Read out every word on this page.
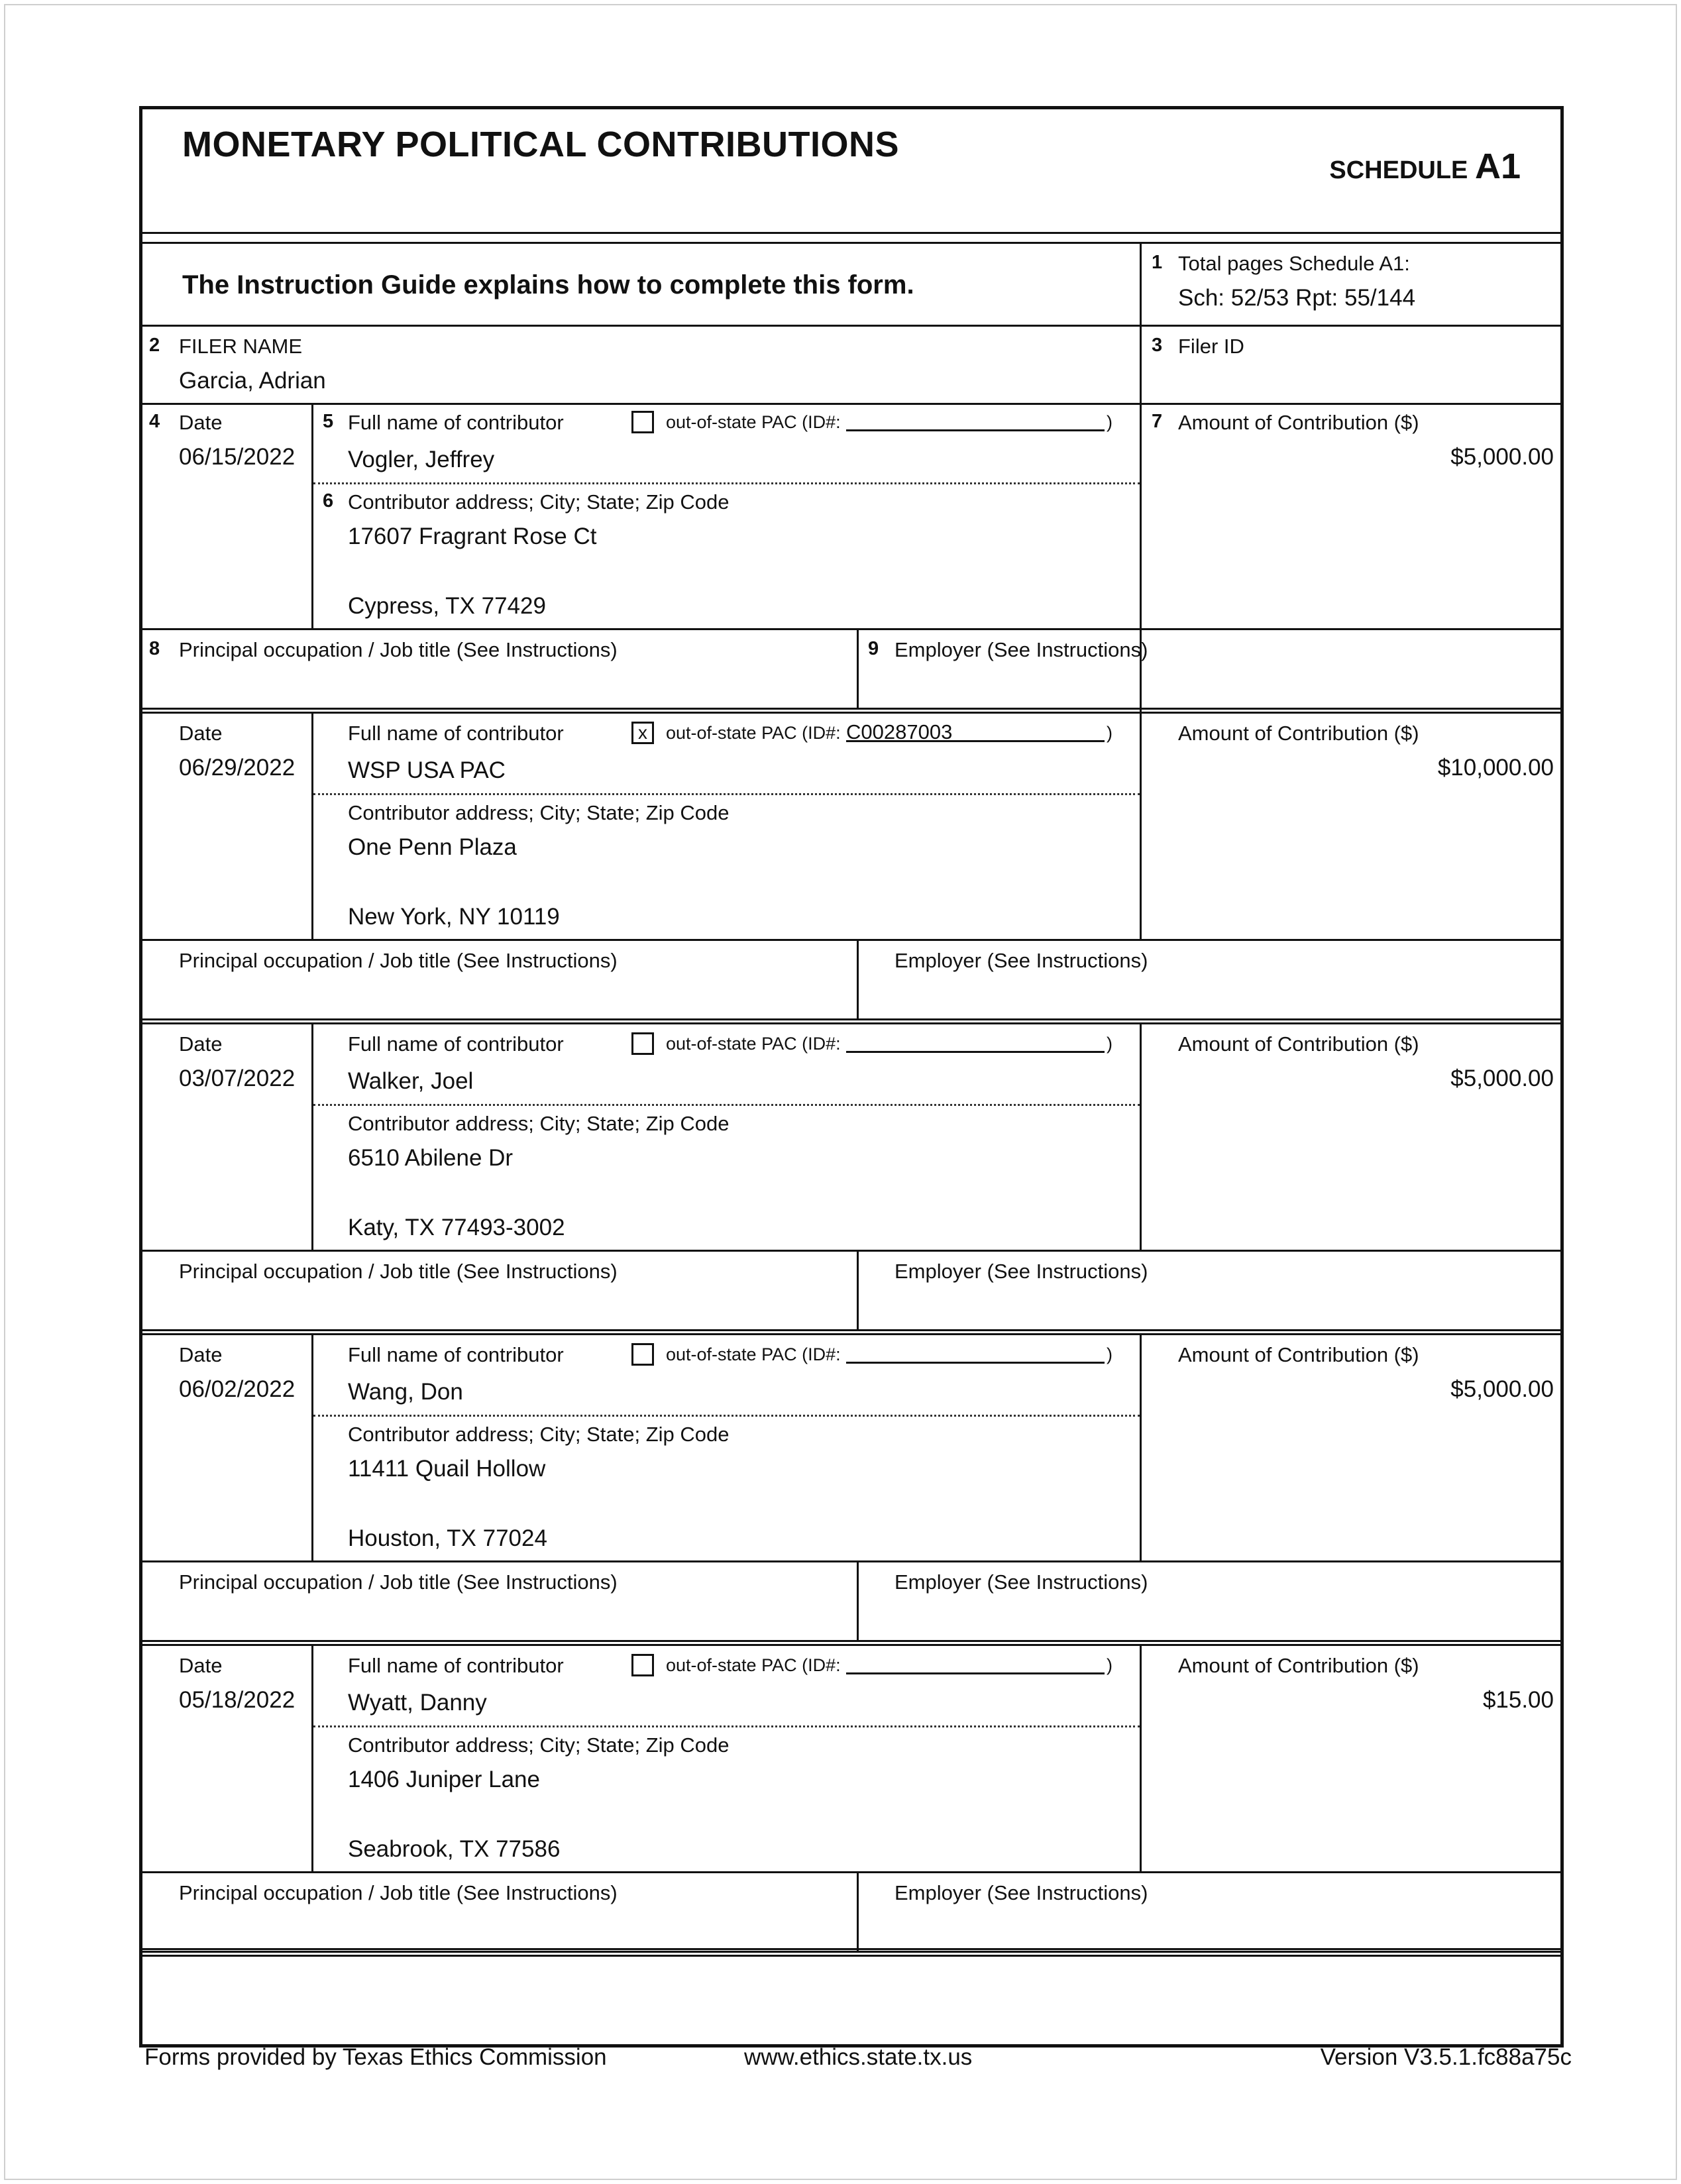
MONETARY POLITICAL CONTRIBUTIONS
SCHEDULE A1
The Instruction Guide explains how to complete this form.
1 Total pages Schedule A1:
Sch: 52/53 Rpt: 55/144
2 FILER NAME
Garcia, Adrian
3 Filer ID
4 Date
06/15/2022
5 Full name of contributor	out-of-state PAC (ID#:	)
Vogler, Jeffrey
6 Contributor address; City; State; Zip Code
17607 Fragrant Rose Ct
Cypress, TX 77429
7 Amount of Contribution ($)
$5,000.00
8 Principal occupation / Job title (See Instructions)	9 Employer (See Instructions)
Date
06/29/2022
Full name of contributor	x	out-of-state PAC (ID#: C00287003	)
WSP USA PAC
Contributor address; City; State; Zip Code
One Penn Plaza
New York, NY 10119
Amount of Contribution ($)
$10,000.00
Principal occupation / Job title (See Instructions)	Employer (See Instructions)
Date
03/07/2022
Full name of contributor	out-of-state PAC (ID#:	)
Walker, Joel
Contributor address; City; State; Zip Code
6510 Abilene Dr
Katy, TX 77493-3002
Amount of Contribution ($)
$5,000.00
Principal occupation / Job title (See Instructions)	Employer (See Instructions)
Date
06/02/2022
Full name of contributor	out-of-state PAC (ID#:	)
Wang, Don
Contributor address; City; State; Zip Code
11411 Quail Hollow
Houston, TX 77024
Amount of Contribution ($)
$5,000.00
Principal occupation / Job title (See Instructions)	Employer (See Instructions)
Date
05/18/2022
Full name of contributor	out-of-state PAC (ID#:	)
Wyatt, Danny
Contributor address; City; State; Zip Code
1406 Juniper Lane
Seabrook, TX 77586
Amount of Contribution ($)
$15.00
Principal occupation / Job title (See Instructions)	Employer (See Instructions)
Forms provided by Texas Ethics Commission	www.ethics.state.tx.us	Version V3.5.1.fc88a75c
